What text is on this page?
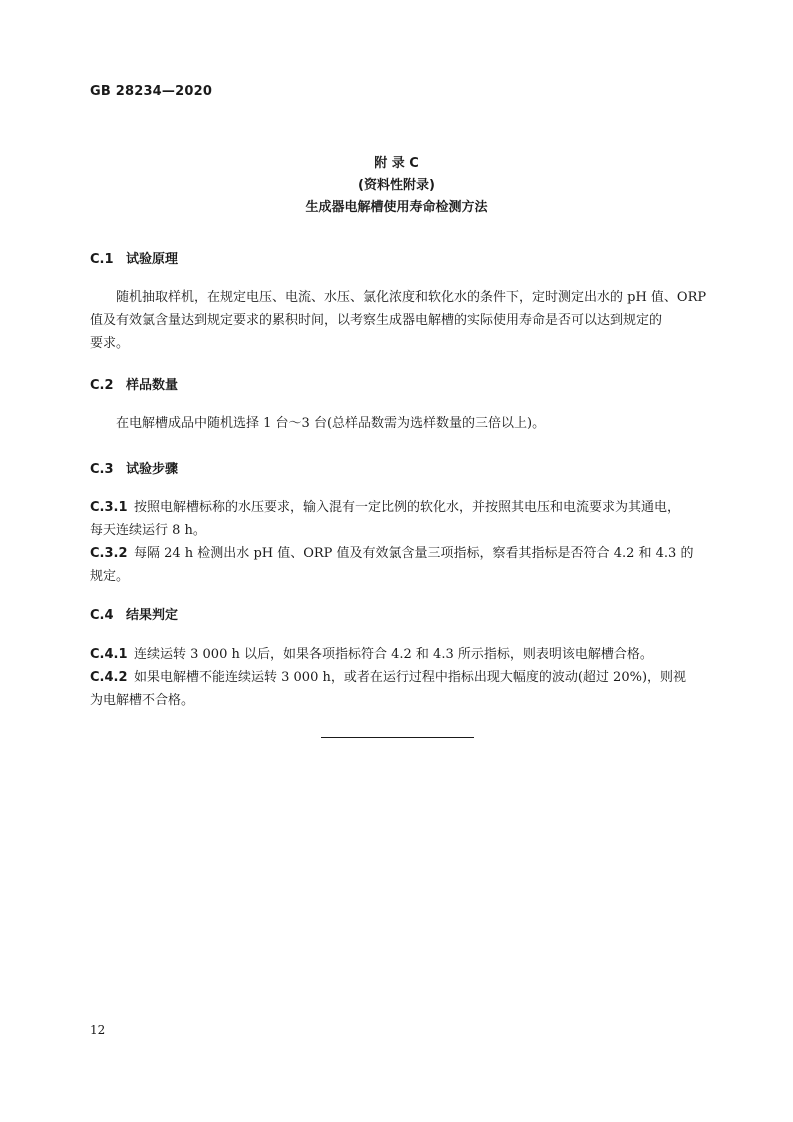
GB 28234—2020
附 录 C
(资料性附录)
生成器电解槽使用寿命检测方法
C.1 试验原理
随机抽取样机，在规定电压、电流、水压、氯化浓度和软化水的条件下，定时测定出水的 pH 值、ORP
值及有效氯含量达到规定要求的累积时间，以考察生成器电解槽的实际使用寿命是否可以达到规定的
要求。
C.2 样品数量
在电解槽成品中随机选择 1 台～3 台(总样品数需为选样数量的三倍以上)。
C.3 试验步骤
C.3.1 按照电解槽标称的水压要求，输入混有一定比例的软化水，并按照其电压和电流要求为其通电，
每天连续运行 8 h。
C.3.2 每隔 24 h 检测出水 pH 值、ORP 值及有效氯含量三项指标，察看其指标是否符合 4.2 和 4.3 的
规定。
C.4 结果判定
C.4.1 连续运转 3 000 h 以后，如果各项指标符合 4.2 和 4.3 所示指标，则表明该电解槽合格。
C.4.2 如果电解槽不能连续运转 3 000 h，或者在运行过程中指标出现大幅度的波动(超过 20%)，则视
为电解槽不合格。
12
